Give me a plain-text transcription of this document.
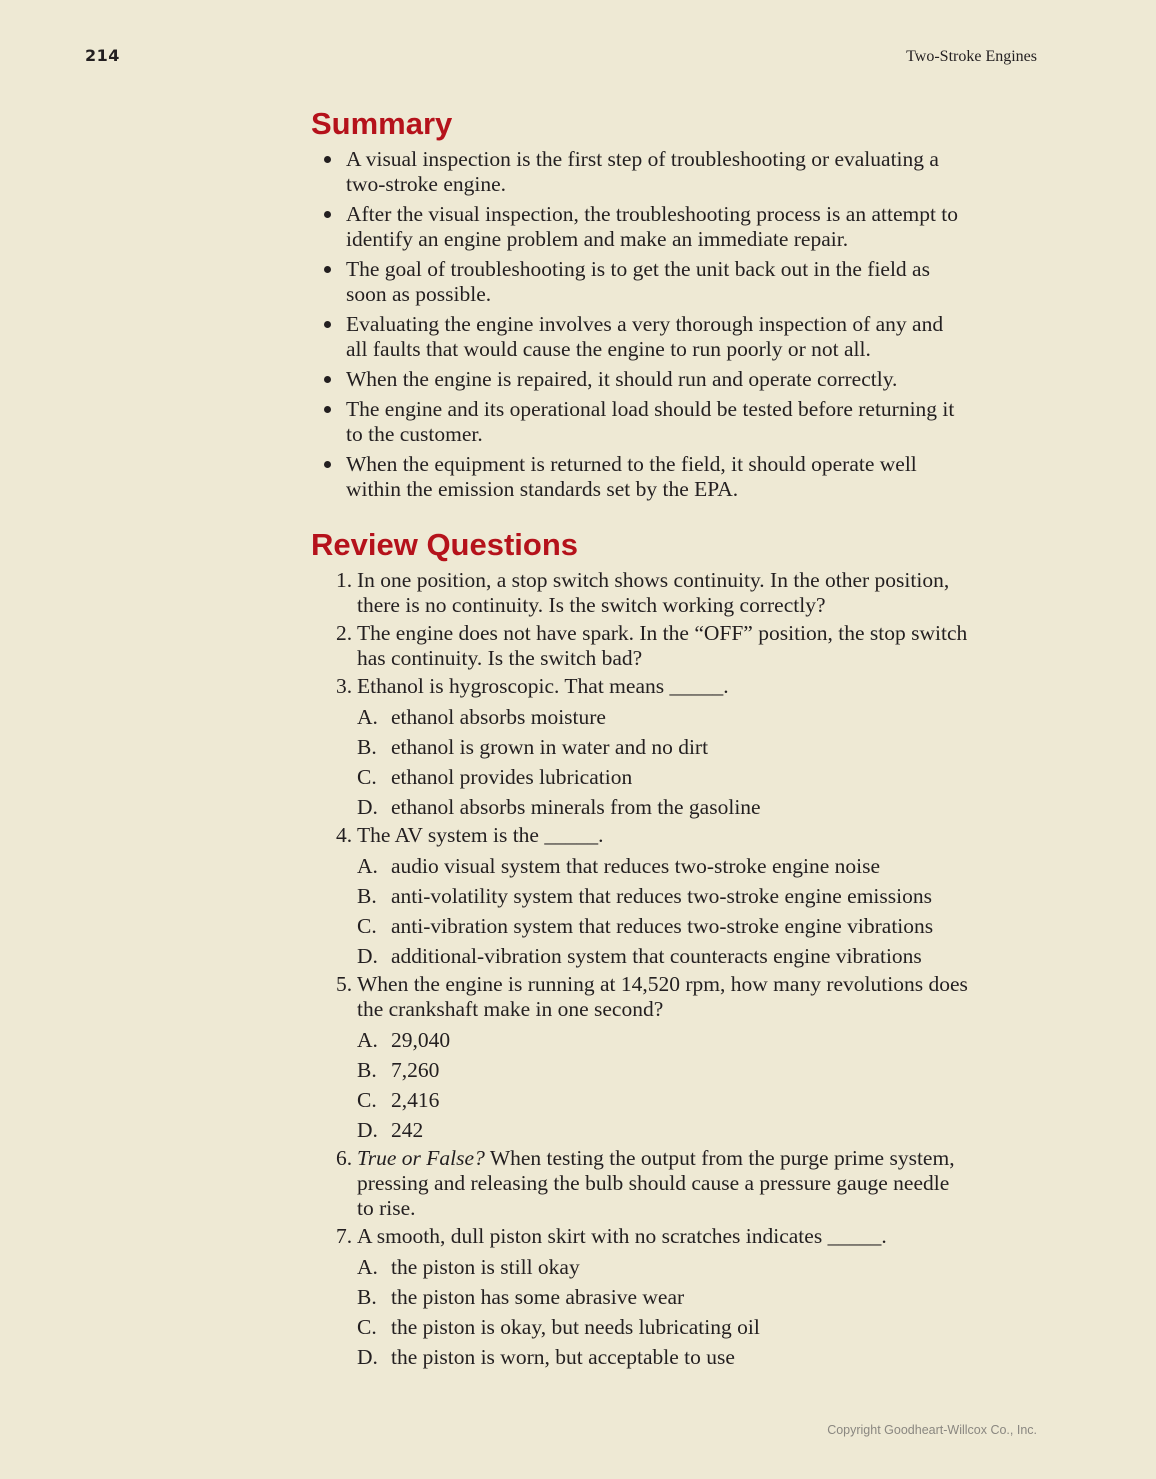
214	Two-Stroke Engines
Summary
A visual inspection is the first step of troubleshooting or evaluating a
two-stroke engine.
After the visual inspection, the troubleshooting process is an attempt to
identify an engine problem and make an immediate repair.
The goal of troubleshooting is to get the unit back out in the field as
soon as possible.
Evaluating the engine involves a very thorough inspection of any and
all faults that would cause the engine to run poorly or not all.
When the engine is repaired, it should run and operate correctly.
The engine and its operational load should be tested before returning it
to the customer.
When the equipment is returned to the field, it should operate well
within the emission standards set by the EPA.
Review Questions
1. In one position, a stop switch shows continuity. In the other position,
there is no continuity. Is the switch working correctly?
2. The engine does not have spark. In the “OFF” position, the stop switch
has continuity. Is the switch bad?
3. Ethanol is hygroscopic. That means _____.
A. ethanol absorbs moisture
B. ethanol is grown in water and no dirt
C. ethanol provides lubrication
D. ethanol absorbs minerals from the gasoline
4. The AV system is the _____.
A. audio visual system that reduces two-stroke engine noise
B. anti-volatility system that reduces two-stroke engine emissions
C. anti-vibration system that reduces two-stroke engine vibrations
D. additional-vibration system that counteracts engine vibrations
5. When the engine is running at 14,520 rpm, how many revolutions does
the crankshaft make in one second?
A. 29,040
B. 7,260
C. 2,416
D. 242
6. True or False? When testing the output from the purge prime system,
pressing and releasing the bulb should cause a pressure gauge needle
to rise.
7. A smooth, dull piston skirt with no scratches indicates _____.
A. the piston is still okay
B. the piston has some abrasive wear
C. the piston is okay, but needs lubricating oil
D. the piston is worn, but acceptable to use
Copyright Goodheart-Willcox Co., Inc.
